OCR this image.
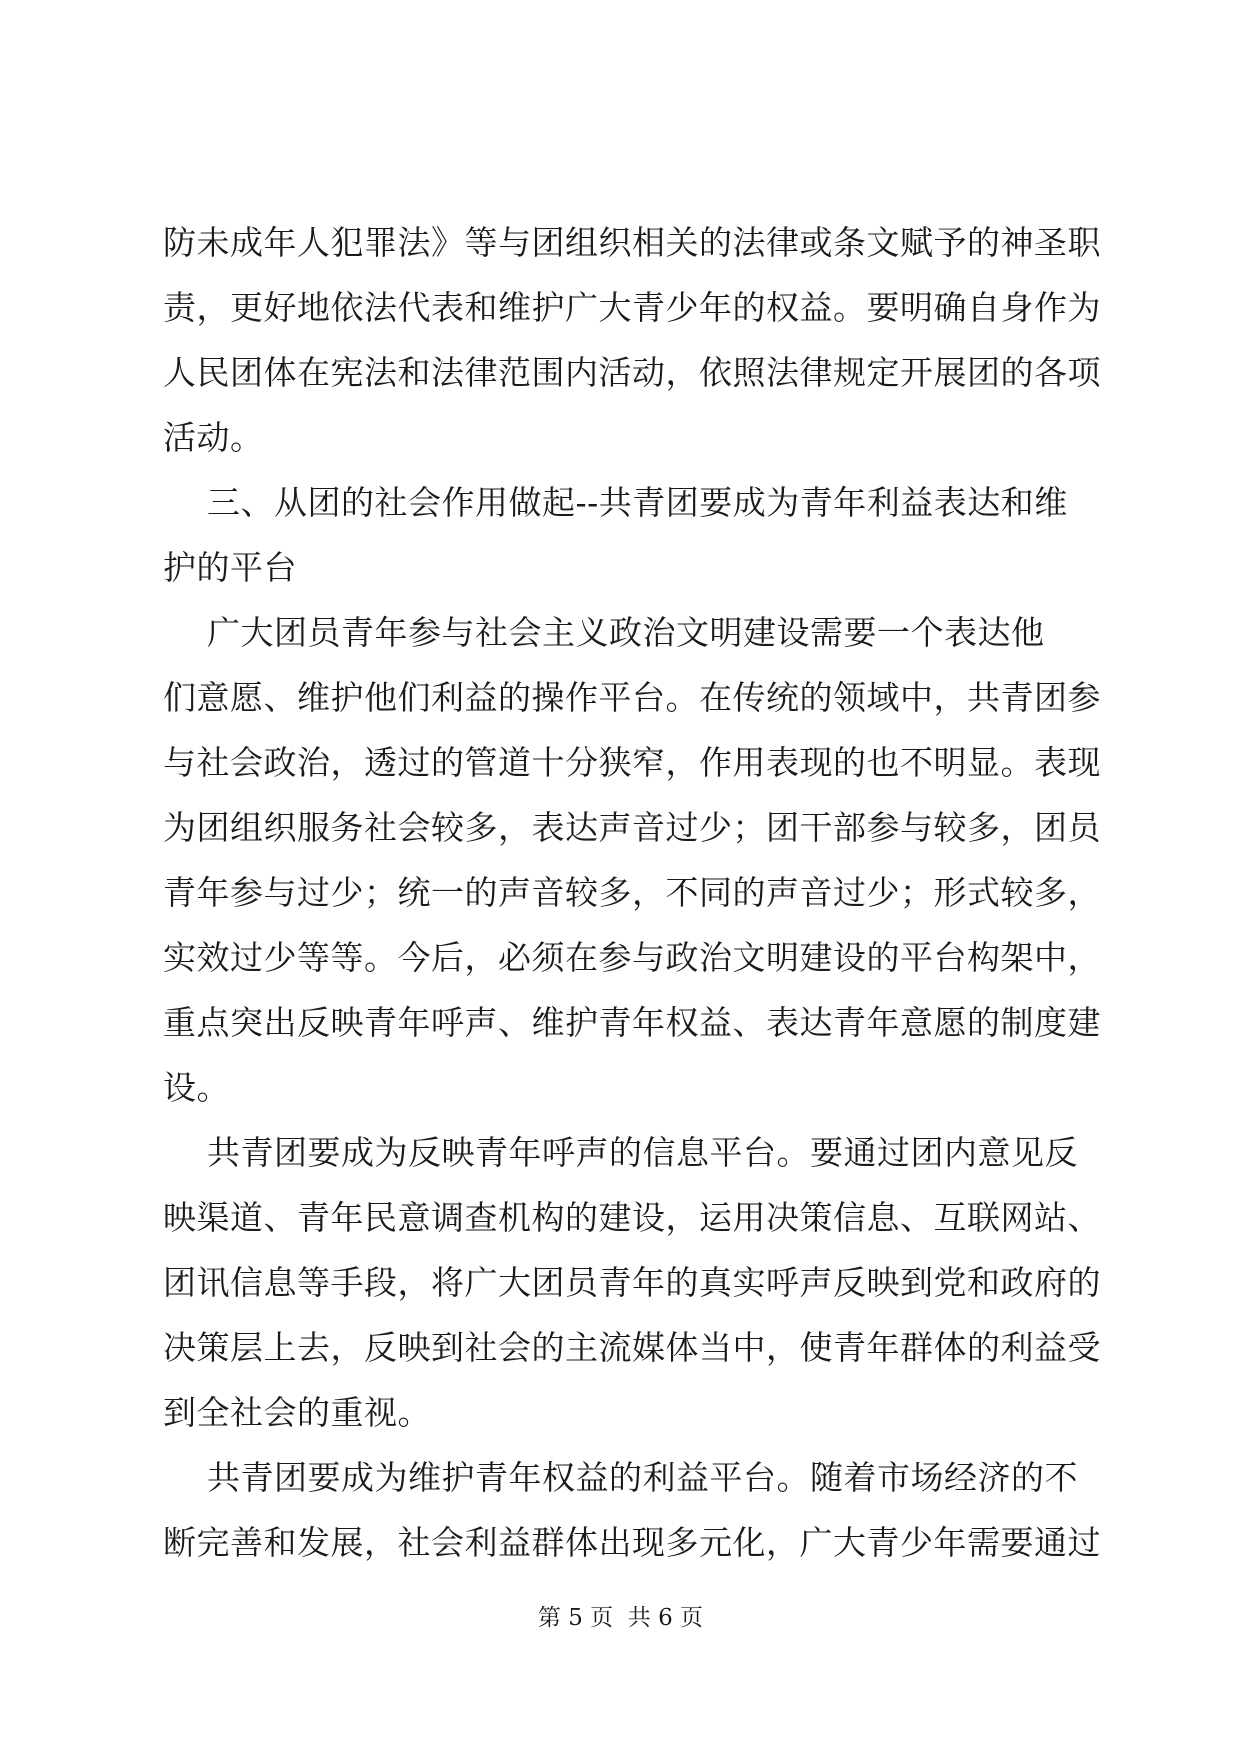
防未成年人犯罪法》等与团组织相关的法律或条文赋予的神圣职
责，更好地依法代表和维护广大青少年的权益。要明确自身作为
人民团体在宪法和法律范围内活动，依照法律规定开展团的各项
活动。
三、从团的社会作用做起--共青团要成为青年利益表达和维
护的平台
广大团员青年参与社会主义政治文明建设需要一个表达他
们意愿、维护他们利益的操作平台。在传统的领域中，共青团参
与社会政治，透过的管道十分狭窄，作用表现的也不明显。表现
为团组织服务社会较多，表达声音过少；团干部参与较多，团员
青年参与过少；统一的声音较多，不同的声音过少；形式较多，
实效过少等等。今后，必须在参与政治文明建设的平台构架中，
重点突出反映青年呼声、维护青年权益、表达青年意愿的制度建
设。
共青团要成为反映青年呼声的信息平台。要通过团内意见反
映渠道、青年民意调查机构的建设，运用决策信息、互联网站、
团讯信息等手段，将广大团员青年的真实呼声反映到党和政府的
决策层上去，反映到社会的主流媒体当中，使青年群体的利益受
到全社会的重视。
共青团要成为维护青年权益的利益平台。随着市场经济的不
断完善和发展，社会利益群体出现多元化，广大青少年需要通过
第 5 页  共 6 页
